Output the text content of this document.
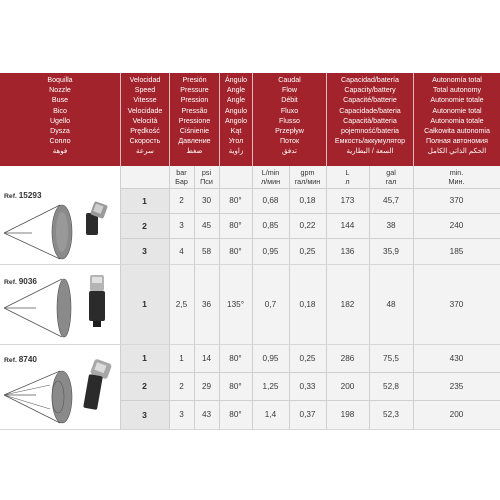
Boquilla
Nozzle
Buse
Bico
Ugello
Dysza
Сопло
فوهة
Velocidad
Speed
Vitesse
Velocidade
Velocità
Prędkość
Скорость
سرعة
Presión
Pressure
Pression
Pressão
Pressione
Ciśnienie
Давление
ضغط
Ángulo
Angle
Angle
Angulo
Angolo
Kąt
Угол
زاوية
Caudal
Flow
Débit
Fluxo
Flusso
Przepływ
Поток
تدفق
Capacidad/batería
Capacity/battery
Capacité/batterie
Capacidade/bateria
Capacità/batteria
pojemność/bateria
Емкость/аккумулятор
السعة / البطارية
Autonomía total
Total autonomy
Autonomie totale
Autonomie total
Autonomia totale
Całkowita autonomia
Полная автономия
الحكم الذاتي الكامل
bar
Бар
psi
Пси
L/min
л/мин
gpm
гал/мин
L
л
gal
гал
min.
Мин.
Ref. 15293
Ref. 9036
Ref. 8740
1	2	30	80°	0,68	0,18	173	45,7	370
2	3	45	80°	0,85	0,22	144	38	240
3	4	58	80°	0,95	0,25	136	35,9	185
1	2,5	36	135°	0,7	0,18	182	48	370
1	1	14	80°	0,95	0,25	286	75,5	430
2	2	29	80°	1,25	0,33	200	52,8	235
3	3	43	80°	1,4	0,37	198	52,3	200
